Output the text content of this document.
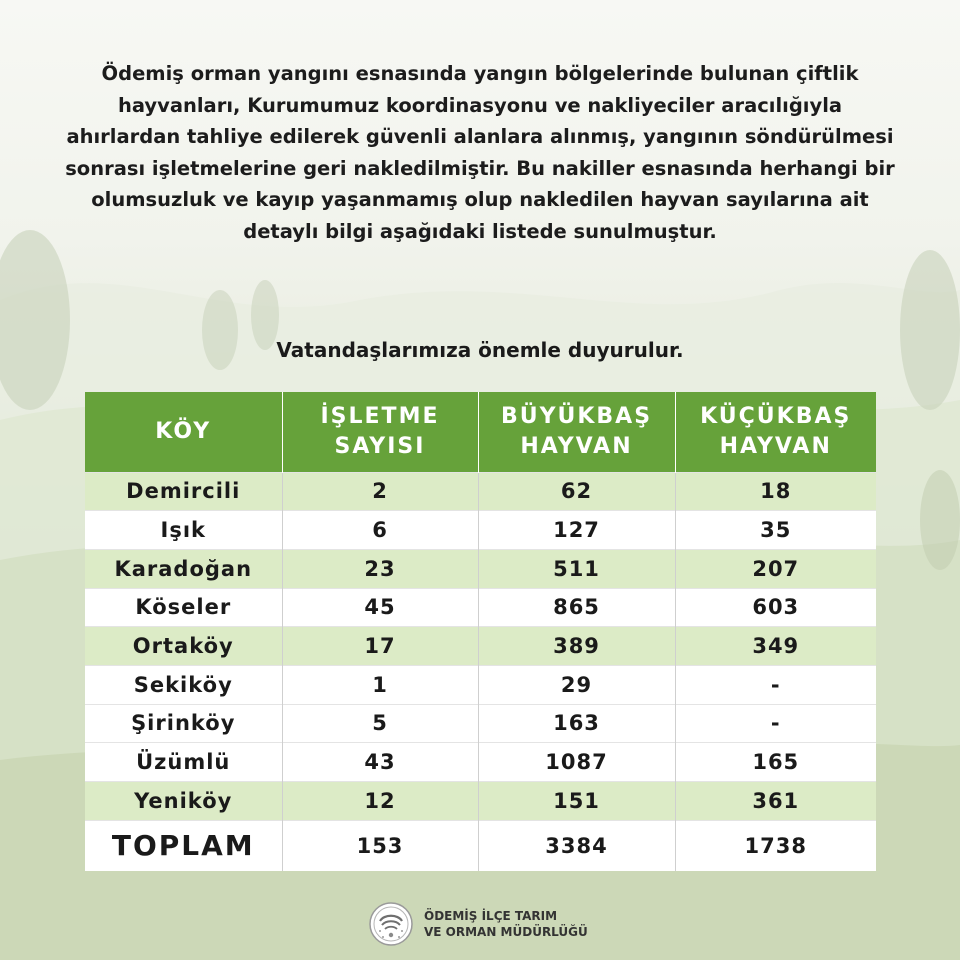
Ödemiş orman yangını esnasında yangın bölgelerinde bulunan çiftlik hayvanları, Kurumumuz koordinasyonu ve nakliyeciler aracılığıyla ahırlardan tahliye edilerek güvenli alanlara alınmış, yangının söndürülmesi sonrası işletmelerine geri nakledilmiştir. Bu nakiller esnasında herhangi bir olumsuzluk ve kayıp yaşanmamış olup nakledilen hayvan sayılarına ait detaylı bilgi aşağıdaki listede sunulmuştur.

Vatandaşlarımıza önemle duyurulur.

KÖY	İŞLETME SAYISI	BÜYÜKBAŞ HAYVAN	KÜÇÜKBAŞ HAYVAN
Demircili	2	62	18
Işık	6	127	35
Karadoğan	23	511	207
Köseler	45	865	603
Ortaköy	17	389	349
Sekiköy	1	29	-
Şirinköy	5	163	-
Üzümlü	43	1087	165
Yeniköy	12	151	361
TOPLAM	153	3384	1738
ÖDEMİŞ İLÇE TARIM
VE ORMAN MÜDÜRLÜĞÜ
